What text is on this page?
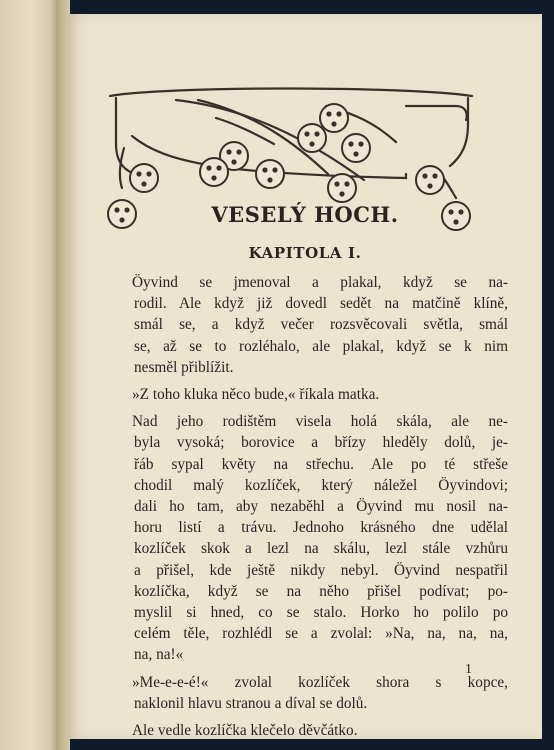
VESELÝ HOCH.
KAPITOLA I.

Öyvind se jmenoval a plakal, když se na-
rodil. Ale když již dovedl sedět na matčině klíně,
smál se, a když večer rozsvěcovali světla, smál
se, až se to rozléhalo, ale plakal, když se k nim
nesměl přiblížit.

»Z toho kluka něco bude,« říkala matka.

Nad jeho rodištěm visela holá skála, ale ne-
byla vysoká; borovice a břízy hleděly dolů, je-
řáb sypal květy na střechu. Ale po té střeše
chodil malý kozlíček, který náležel Öyvindovi;
dali ho tam, aby nezaběhl a Öyvind mu nosil na-
horu listí a trávu. Jednoho krásného dne udělal
kozlíček skok a lezl na skálu, lezl stále vzhůru
a přišel, kde ještě nikdy nebyl. Öyvind nespatřil
kozlíčka, když se na něho přišel podívat; po-
myslil si hned, co se stalo. Horko ho polilo po
celém těle, rozhlédl se a zvolal: »Na, na, na, na,
na, na!«

»Me-e-e-é!« zvolal kozlíček shora s kopce,
naklonil hlavu stranou a díval se dolů.

Ale vedle kozlíčka klečelo děvčátko.

1
